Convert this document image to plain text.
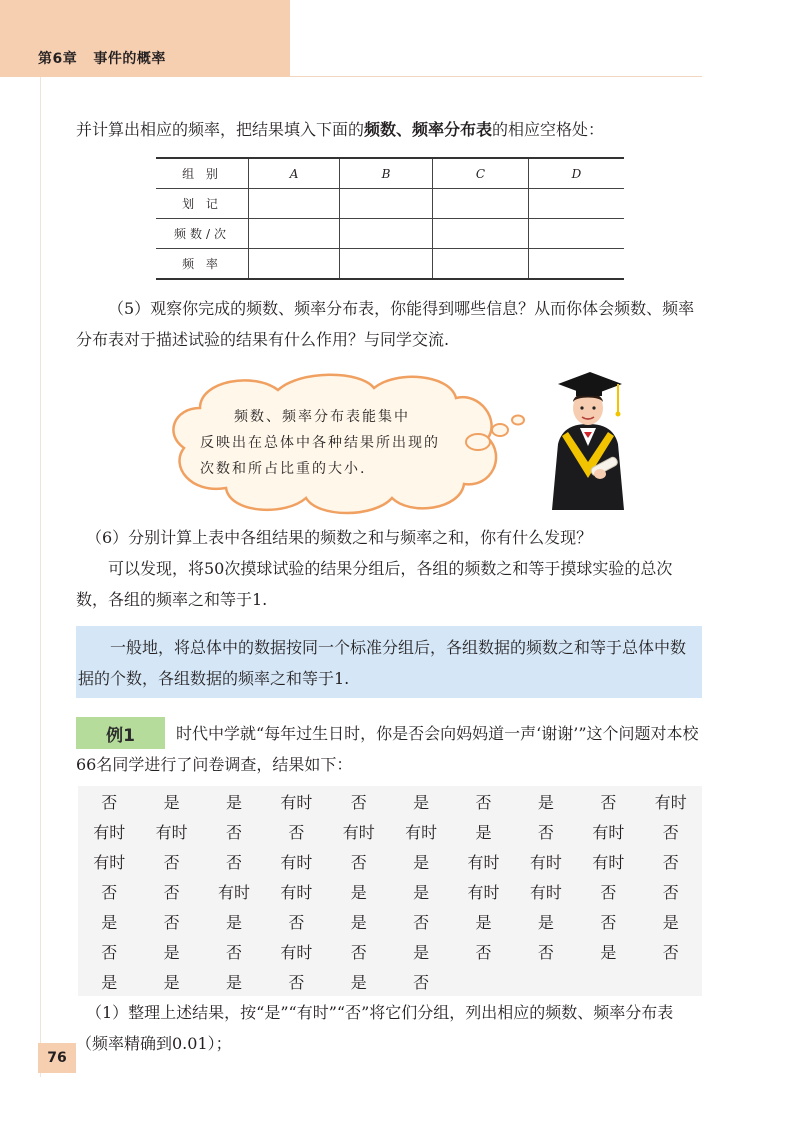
第6章 事件的概率
并计算出相应的频率，把结果填入下面的频数、频率分布表的相应空格处：
组 别	A	B	C	D
划 记				
频数/次				
频 率				
（5）观察你完成的频数、频率分布表，你能得到哪些信息？从而你体会频数、频率分布表对于描述试验的结果有什么作用？与同学交流.
频数、频率分布表能集中
反映出在总体中各种结果所出现的次数和所占比重的大小.
（6）分别计算上表中各组结果的频数之和与频率之和，你有什么发现？
可以发现，将50次摸球试验的结果分组后，各组的频数之和等于摸球实验的总次数，各组的频率之和等于1.
一般地，将总体中的数据按同一个标准分组后，各组数据的频数之和等于总体中数据的个数，各组数据的频率之和等于1.
例1	时代中学就“每年过生日时，你是否会向妈妈道一声‘谢谢’”这个问题对本校66名同学进行了问卷调查，结果如下：
否	是	是	有时	否	是	否	是	否	有时
有时	有时	否	否	有时	有时	是	否	有时	否
有时	否	否	有时	否	是	有时	有时	有时	否
否	否	有时	有时	是	是	有时	有时	否	否
是	否	是	否	是	否	是	是	否	是
否	是	否	有时	否	是	否	否	是	否
是	是	是	否	是	否
（1）整理上述结果，按“是”“有时”“否”将它们分组，列出相应的频数、频率分布表（频率精确到0.01）；
76
